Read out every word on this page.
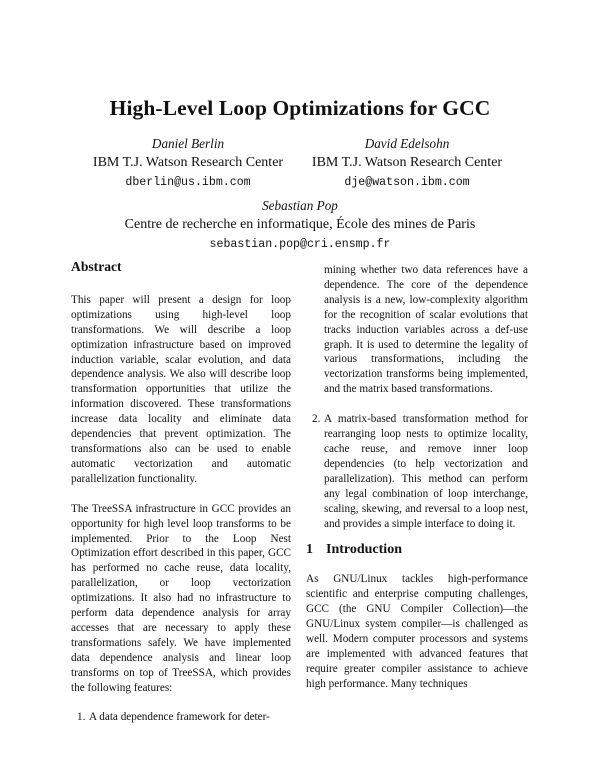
High-Level Loop Optimizations for GCC
Daniel Berlin
IBM T.J. Watson Research Center
dberlin@us.ibm.com
David Edelsohn
IBM T.J. Watson Research Center
dje@watson.ibm.com
Sebastian Pop
Centre de recherche en informatique, École des mines de Paris
sebastian.pop@cri.ensmp.fr
Abstract

This paper will present a design for loop optimizations using high-level loop transformations. We will describe a loop optimization infrastructure based on improved induction variable, scalar evolution, and data dependence analysis. We also will describe loop transformation opportunities that utilize the information discovered. These transformations increase data locality and eliminate data dependencies that prevent optimization. The transformations also can be used to enable automatic vectorization and automatic parallelization functionality.

The TreeSSA infrastructure in GCC provides an opportunity for high level loop transforms to be implemented. Prior to the Loop Nest Optimization effort described in this paper, GCC has performed no cache reuse, data locality, parallelization, or loop vectorization optimizations. It also had no infrastructure to perform data dependence analysis for array accesses that are necessary to apply these transformations safely. We have implemented data dependence analysis and linear loop transforms on top of TreeSSA, which provides the following features:

1. A data dependence framework for deter-

mining whether two data references have a dependence. The core of the dependence analysis is a new, low-complexity algorithm for the recognition of scalar evolutions that tracks induction variables across a def-use graph. It is used to determine the legality of various transformations, including the vectorization transforms being implemented, and the matrix based transformations.

2. A matrix-based transformation method for rearranging loop nests to optimize locality, cache reuse, and remove inner loop dependencies (to help vectorization and parallelization). This method can perform any legal combination of loop interchange, scaling, skewing, and reversal to a loop nest, and provides a simple interface to doing it.
1 Introduction

As GNU/Linux tackles high-performance scientific and enterprise computing challenges, GCC (the GNU Compiler Collection)—the GNU/Linux system compiler—is challenged as well. Modern computer processors and systems are implemented with advanced features that require greater compiler assistance to achieve high performance. Many techniques
